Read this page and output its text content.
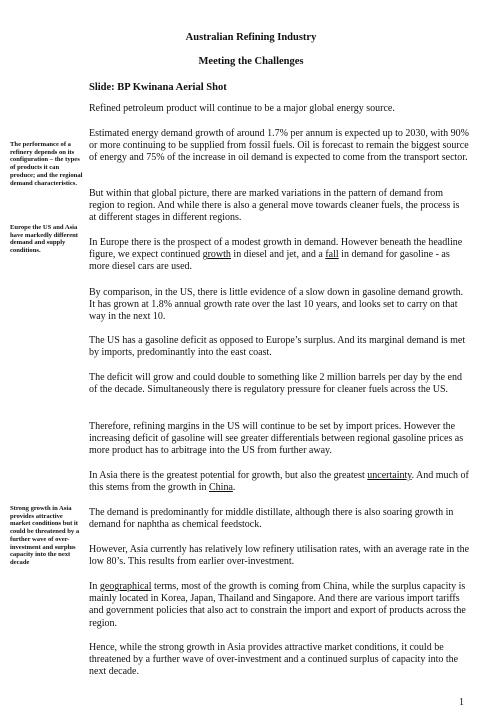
Australian Refining Industry
Meeting the Challenges
Slide: BP Kwinana Aerial Shot

The performance of a refinery depends on its configuration – the types of products it can produce; and the regional demand characteristics.

Europe the US and Asia have markedly different demand and supply conditions.

Strong growth in Asia provides attractive market conditions but it could be threatened by a further wave of over-investment and surplus capacity into the next decade

Refined petroleum product will continue to be a major global energy source.

Estimated energy demand growth of around 1.7% per annum is expected up to 2030, with 90% or more continuing to be supplied from fossil fuels. Oil is forecast to remain the biggest source of energy and 75% of the increase in oil demand is expected to come from the transport sector.

But within that global picture, there are marked variations in the pattern of demand from region to region. And while there is also a general move towards cleaner fuels, the process is at different stages in different regions.

In Europe there is the prospect of a modest growth in demand. However beneath the headline figure, we expect continued growth in diesel and jet, and a fall in demand for gasoline - as more diesel cars are used.

By comparison, in the US, there is little evidence of a slow down in gasoline demand growth. It has grown at 1.8% annual growth rate over the last 10 years, and looks set to carry on that way in the next 10.

The US has a gasoline deficit as opposed to Europe’s surplus. And its marginal demand is met by imports, predominantly into the east coast.

The deficit will grow and could double to something like 2 million barrels per day by the end of the decade. Simultaneously there is regulatory pressure for cleaner fuels across the US.

Therefore, refining margins in the US will continue to be set by import prices. However the increasing deficit of gasoline will see greater differentials between regional gasoline prices as more product has to arbitrage into the US from further away.

In Asia there is the greatest potential for growth, but also the greatest uncertainty. And much of this stems from the growth in China.

The demand is predominantly for middle distillate, although there is also soaring growth in demand for naphtha as chemical feedstock.

However, Asia currently has relatively low refinery utilisation rates, with an average rate in the low 80’s. This results from earlier over-investment.

In geographical terms, most of the growth is coming from China, while the surplus capacity is mainly located in Korea, Japan, Thailand and Singapore. And there are various import tariffs and government policies that also act to constrain the import and export of products across the region.

Hence, while the strong growth in Asia provides attractive market conditions, it could be threatened by a further wave of over-investment and a continued surplus of capacity into the next decade.

1
